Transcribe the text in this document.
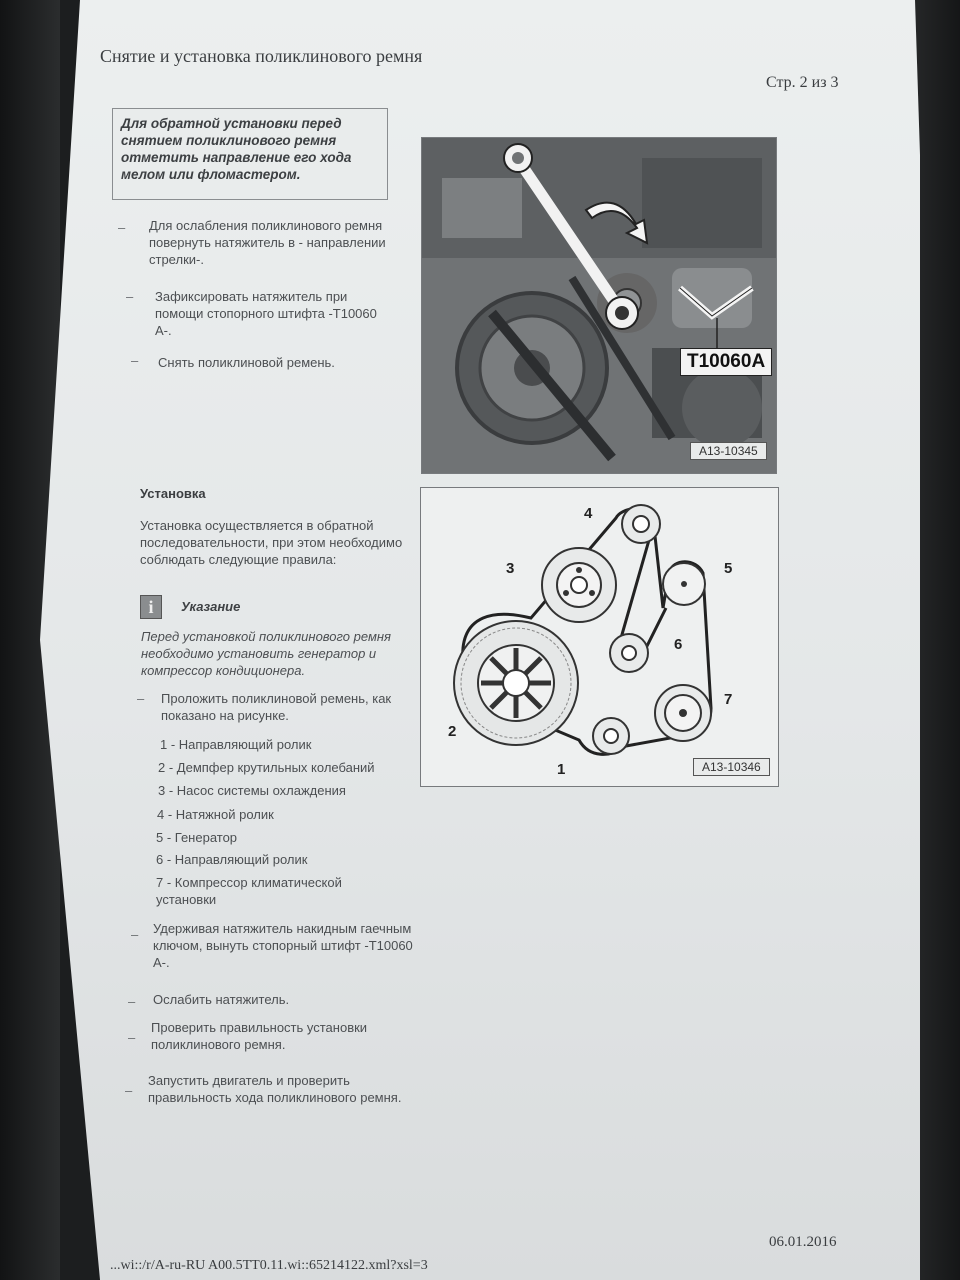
Снятие и установка поликлинового ремня
Стр. 2 из 3
Для обратной установки перед снятием поликлинового ремня отметить направление его хода мелом или фломастером.
– Для ослабления поликлинового ремня повернуть натяжитель в - направлении стрелки-.
– Зафиксировать натяжитель при помощи стопорного штифта -T10060 A-.
– Снять поликлиновой ремень.	T10060A
A13-10345
Установка
Установка осуществляется в обратной последовательности, при этом необходимо соблюдать следующие правила:
i	Указание
Перед установкой поликлинового ремня необходимо установить генератор и компрессор кондиционера.
– Проложить поликлиновой ремень, как показано на рисунке.
1 - Направляющий ролик
2 - Демпфер крутильных колебаний
3 - Насос системы охлаждения
4 - Натяжной ролик
5 - Генератор
6 - Направляющий ролик
7 - Компрессор климатической установки
– Удерживая натяжитель накидным гаечным ключом, вынуть стопорный штифт -T10060 A-.
– Ослабить натяжитель.
–
Проверить правильность установки поликлинового ремня.
–
Запустить двигатель и проверить правильность хода поликлинового ремня.
4
3	5
6
7
2
1	A13-10346
06.01.2016
...wi::/r/A-ru-RU A00.5TT0.11.wi::65214122.xml?xsl=3
